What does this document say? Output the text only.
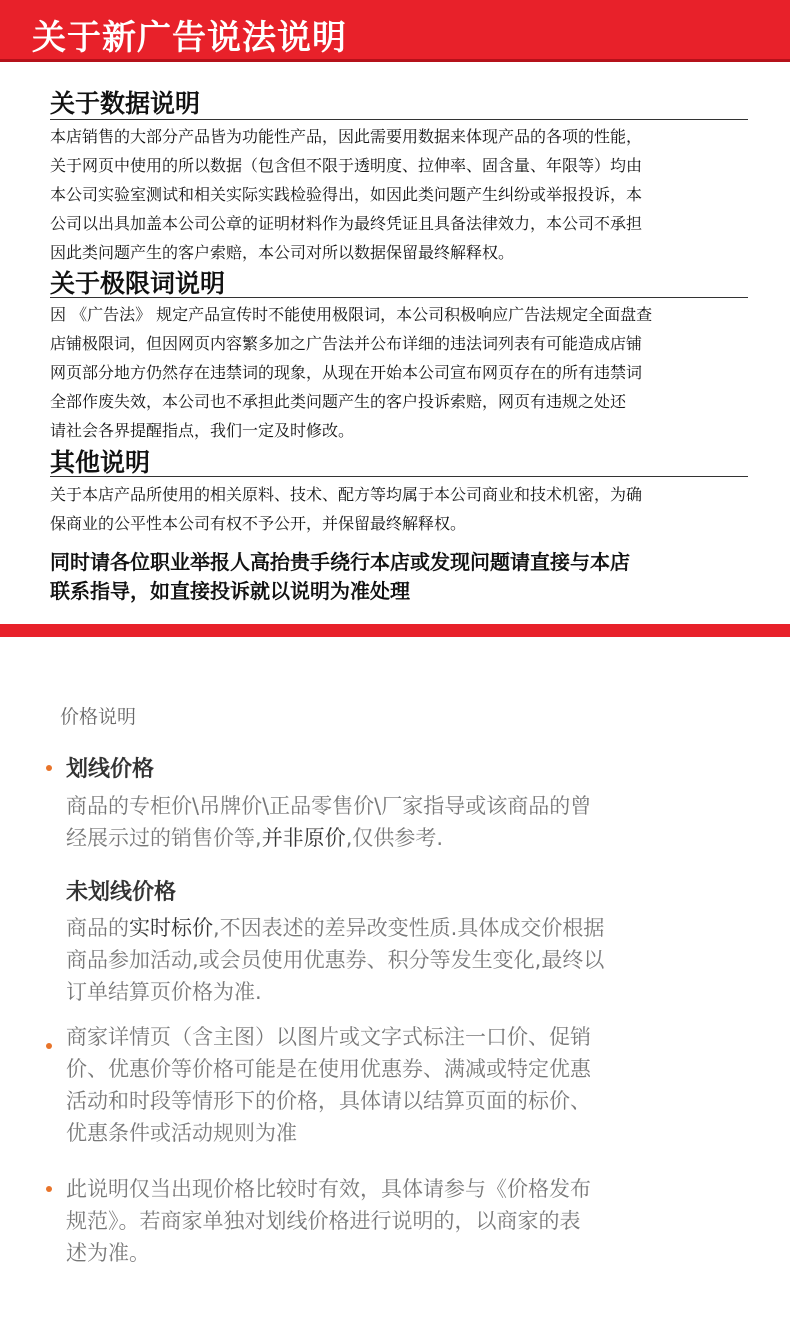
关于新广告说法说明
关于数据说明
本店销售的大部分产品皆为功能性产品，因此需要用数据来体现产品的各项的性能，
关于网页中使用的所以数据（包含但不限于透明度、拉伸率、固含量、年限等）均由
本公司实验室测试和相关实际实践检验得出，如因此类问题产生纠纷或举报投诉，本
公司以出具加盖本公司公章的证明材料作为最终凭证且具备法律效力，本公司不承担
因此类问题产生的客户索赔，本公司对所以数据保留最终解释权。
关于极限词说明
因 《广告法》 规定产品宣传时不能使用极限词，本公司积极响应广告法规定全面盘查
店铺极限词，但因网页内容繁多加之广告法并公布详细的违法词列表有可能造成店铺
网页部分地方仍然存在违禁词的现象，从现在开始本公司宣布网页存在的所有违禁词
全部作废失效，本公司也不承担此类问题产生的客户投诉索赔，网页有违规之处还
请社会各界提醒指点，我们一定及时修改。
其他说明
关于本店产品所使用的相关原料、技术、配方等均属于本公司商业和技术机密，为确
保商业的公平性本公司有权不予公开，并保留最终解释权。
同时请各位职业举报人高抬贵手绕行本店或发现问题请直接与本店
联系指导，如直接投诉就以说明为准处理
价格说明
划线价格
商品的专柜价\吊牌价\正品零售价\厂家指导或该商品的曾
经展示过的销售价等,并非原价,仅供参考.
未划线价格
商品的实时标价,不因表述的差异改变性质.具体成交价根据
商品参加活动,或会员使用优惠券、积分等发生变化,最终以
订单结算页价格为准.
商家详情页（含主图）以图片或文字式标注一口价、促销
价、优惠价等价格可能是在使用优惠券、满减或特定优惠
活动和时段等情形下的价格，具体请以结算页面的标价、
优惠条件或活动规则为准
此说明仅当出现价格比较时有效，具体请参与《价格发布
规范》。若商家单独对划线价格进行说明的，以商家的表
述为准。
